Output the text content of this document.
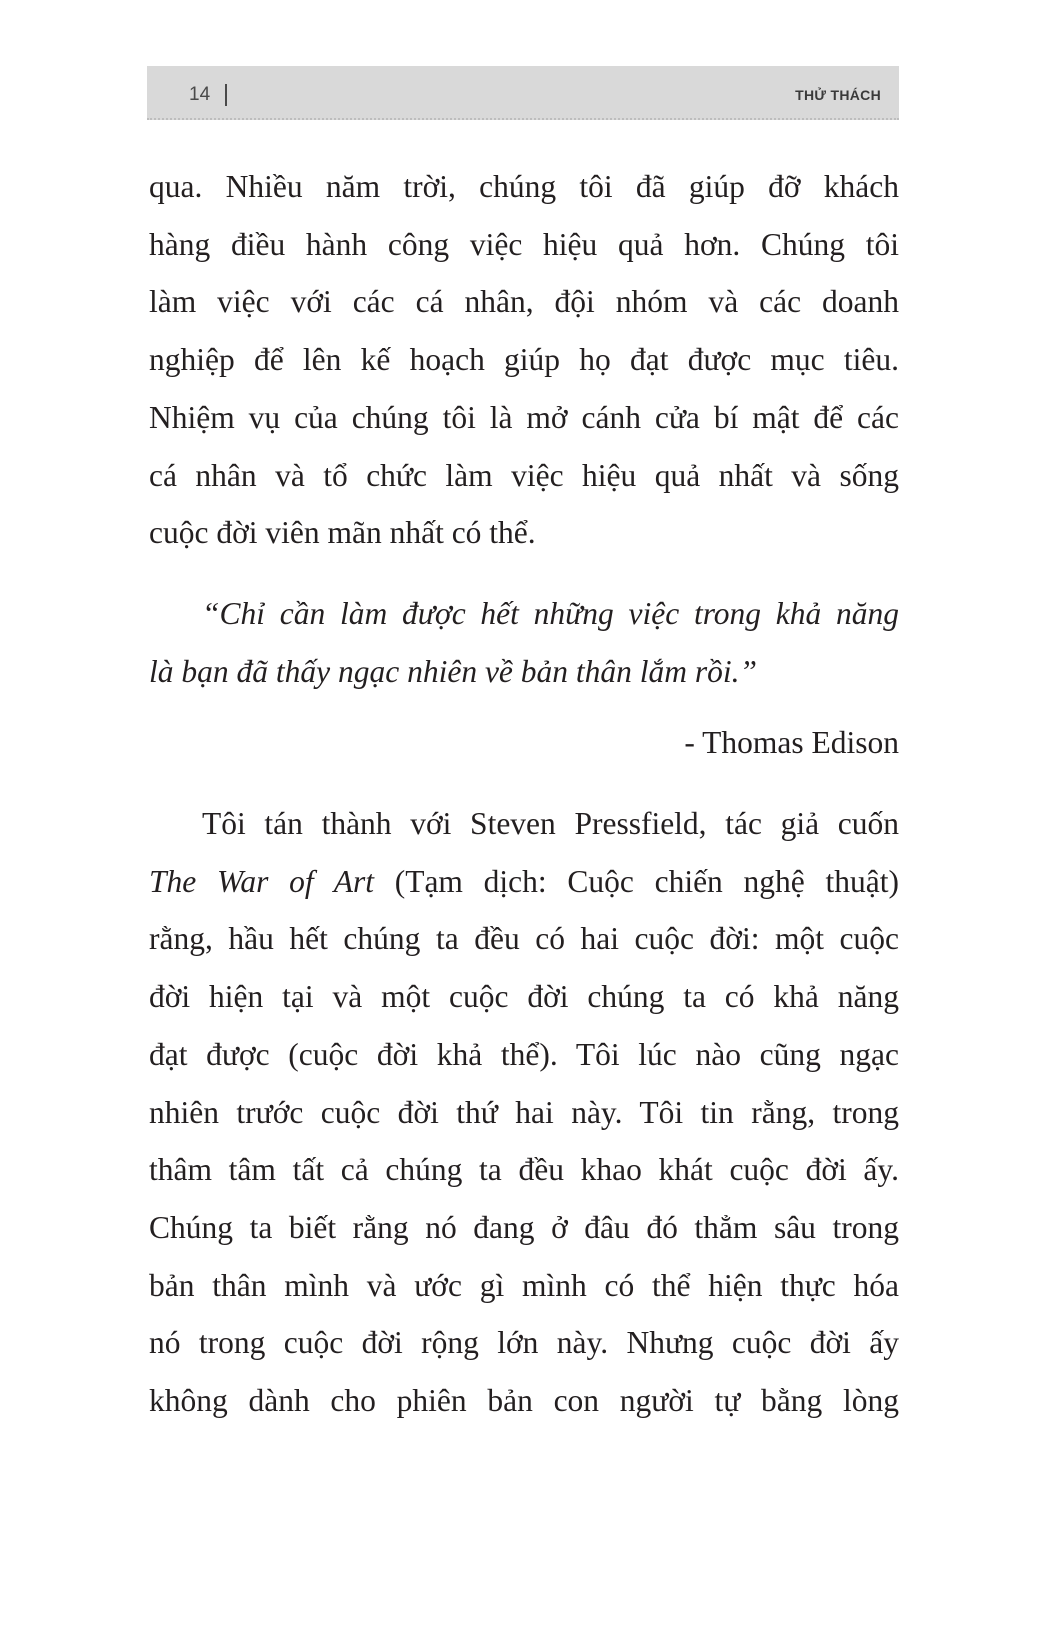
14	THỬ THÁCH
qua. Nhiều năm trời, chúng tôi đã giúp đỡ khách
hàng điều hành công việc hiệu quả hơn. Chúng tôi
làm việc với các cá nhân, đội nhóm và các doanh
nghiệp để lên kế hoạch giúp họ đạt được mục tiêu.
Nhiệm vụ của chúng tôi là mở cánh cửa bí mật để các
cá nhân và tổ chức làm việc hiệu quả nhất và sống
cuộc đời viên mãn nhất có thể.
“Chỉ cần làm được hết những việc trong khả năng
là bạn đã thấy ngạc nhiên về bản thân lắm rồi.”
- Thomas Edison
Tôi tán thành với Steven Pressfield, tác giả cuốn
The War of Art (Tạm dịch: Cuộc chiến nghệ thuật)
rằng, hầu hết chúng ta đều có hai cuộc đời: một cuộc
đời hiện tại và một cuộc đời chúng ta có khả năng
đạt được (cuộc đời khả thể). Tôi lúc nào cũng ngạc
nhiên trước cuộc đời thứ hai này. Tôi tin rằng, trong
thâm tâm tất cả chúng ta đều khao khát cuộc đời ấy.
Chúng ta biết rằng nó đang ở đâu đó thẳm sâu trong
bản thân mình và ước gì mình có thể hiện thực hóa
nó trong cuộc đời rộng lớn này. Nhưng cuộc đời ấy
không dành cho phiên bản con người tự bằng lòng
